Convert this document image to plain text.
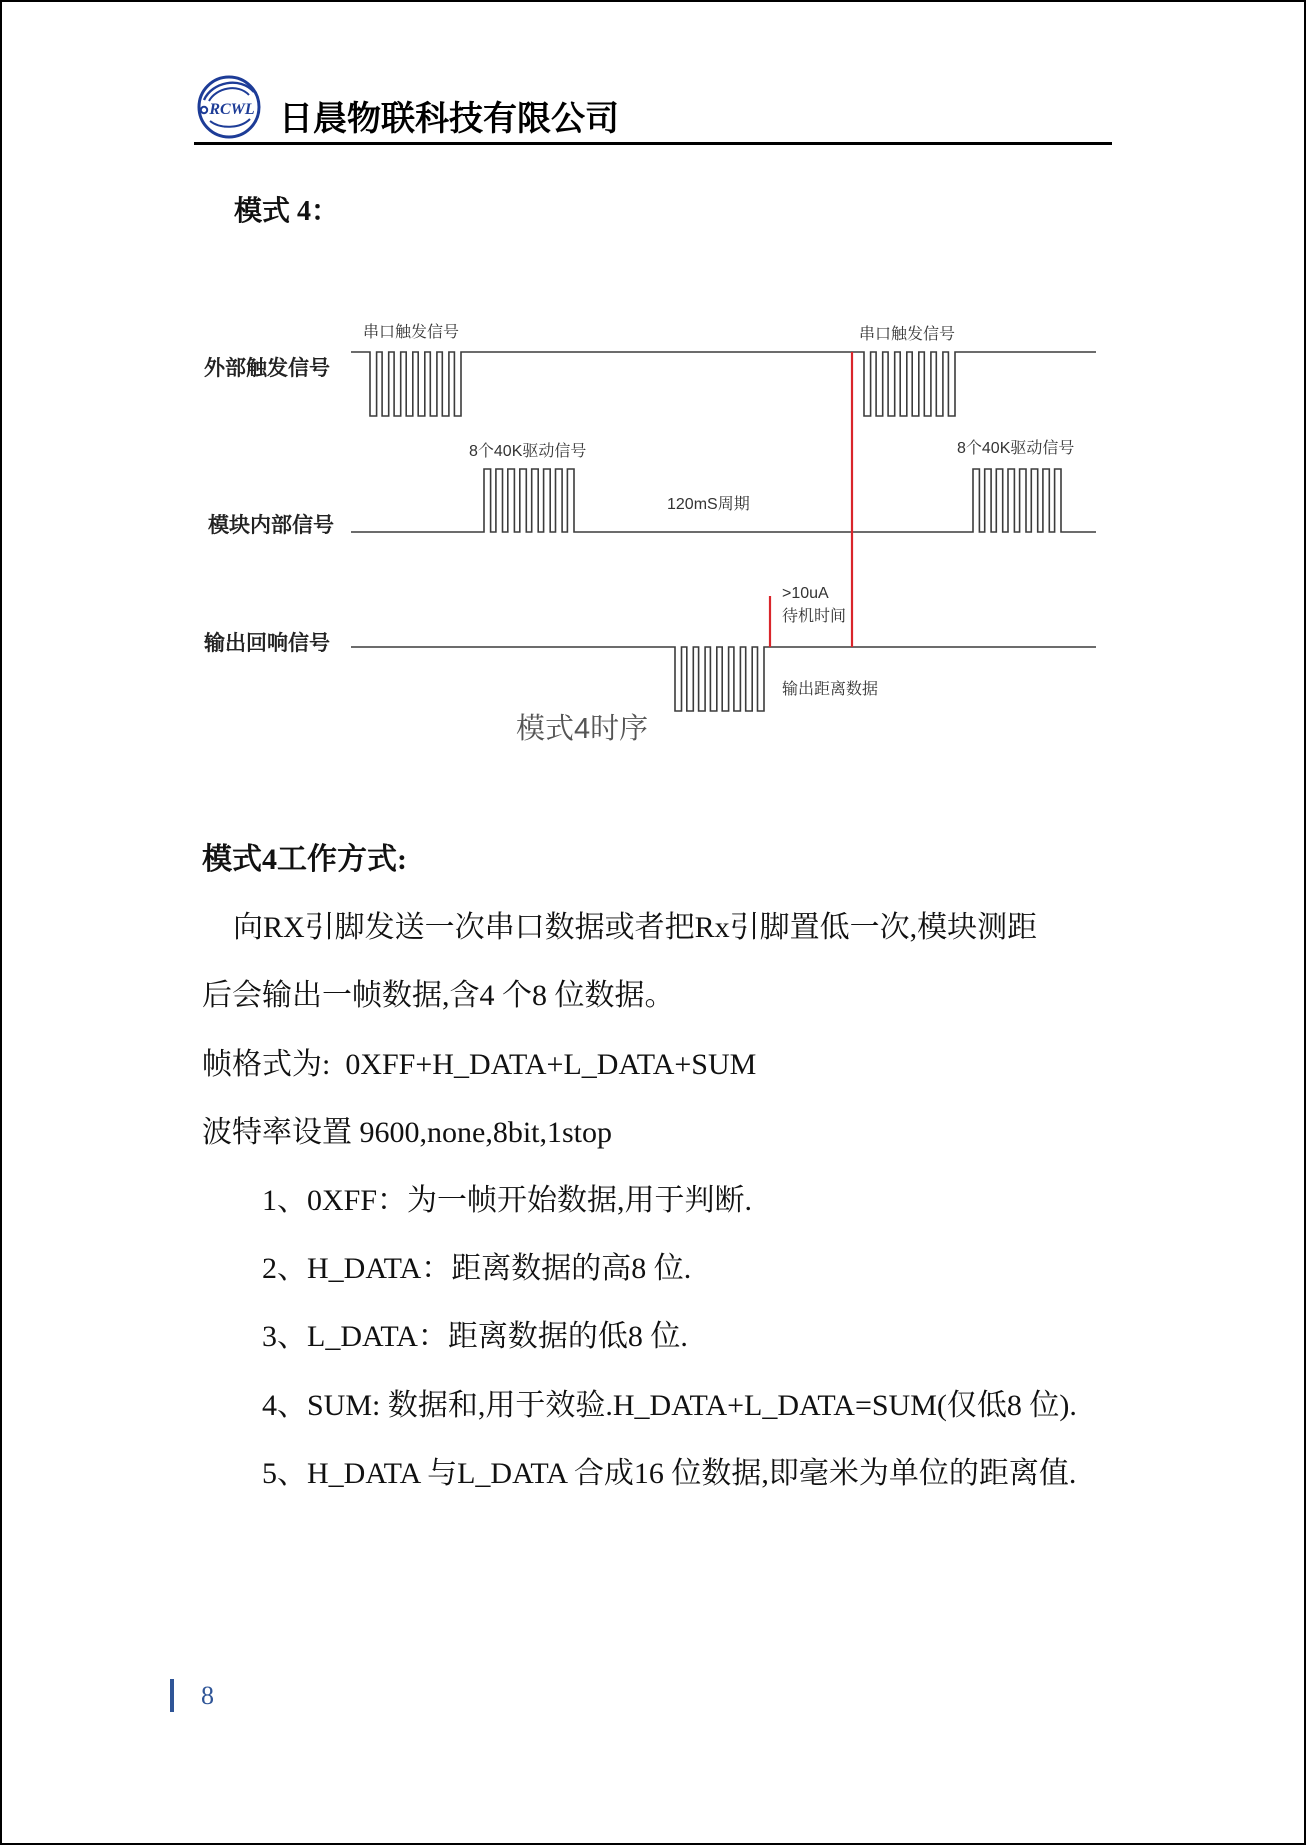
RCWL 日晨物联科技有限公司
模式 4：
外部触发信号
模块内部信号
输出回响信号
串口触发信号	串口触发信号
8个40K驱动信号	8个40K驱动信号
120mS周期
>10uA
待机时间
输出距离数据
模式4时序
模式4工作方式:
向RX引脚发送一次串口数据或者把Rx引脚置低一次,模块测距
后会输出一帧数据,含4 个8 位数据。
帧格式为:  0XFF+H_DATA+L_DATA+SUM
波特率设置 9600,none,8bit,1stop
1、0XFF：为一帧开始数据,用于判断.
2、H_DATA：距离数据的高8 位.
3、L_DATA：距离数据的低8 位.
4、SUM: 数据和,用于效验.H_DATA+L_DATA=SUM(仅低8 位).
5、H_DATA 与L_DATA 合成16 位数据,即毫米为单位的距离值.
8
